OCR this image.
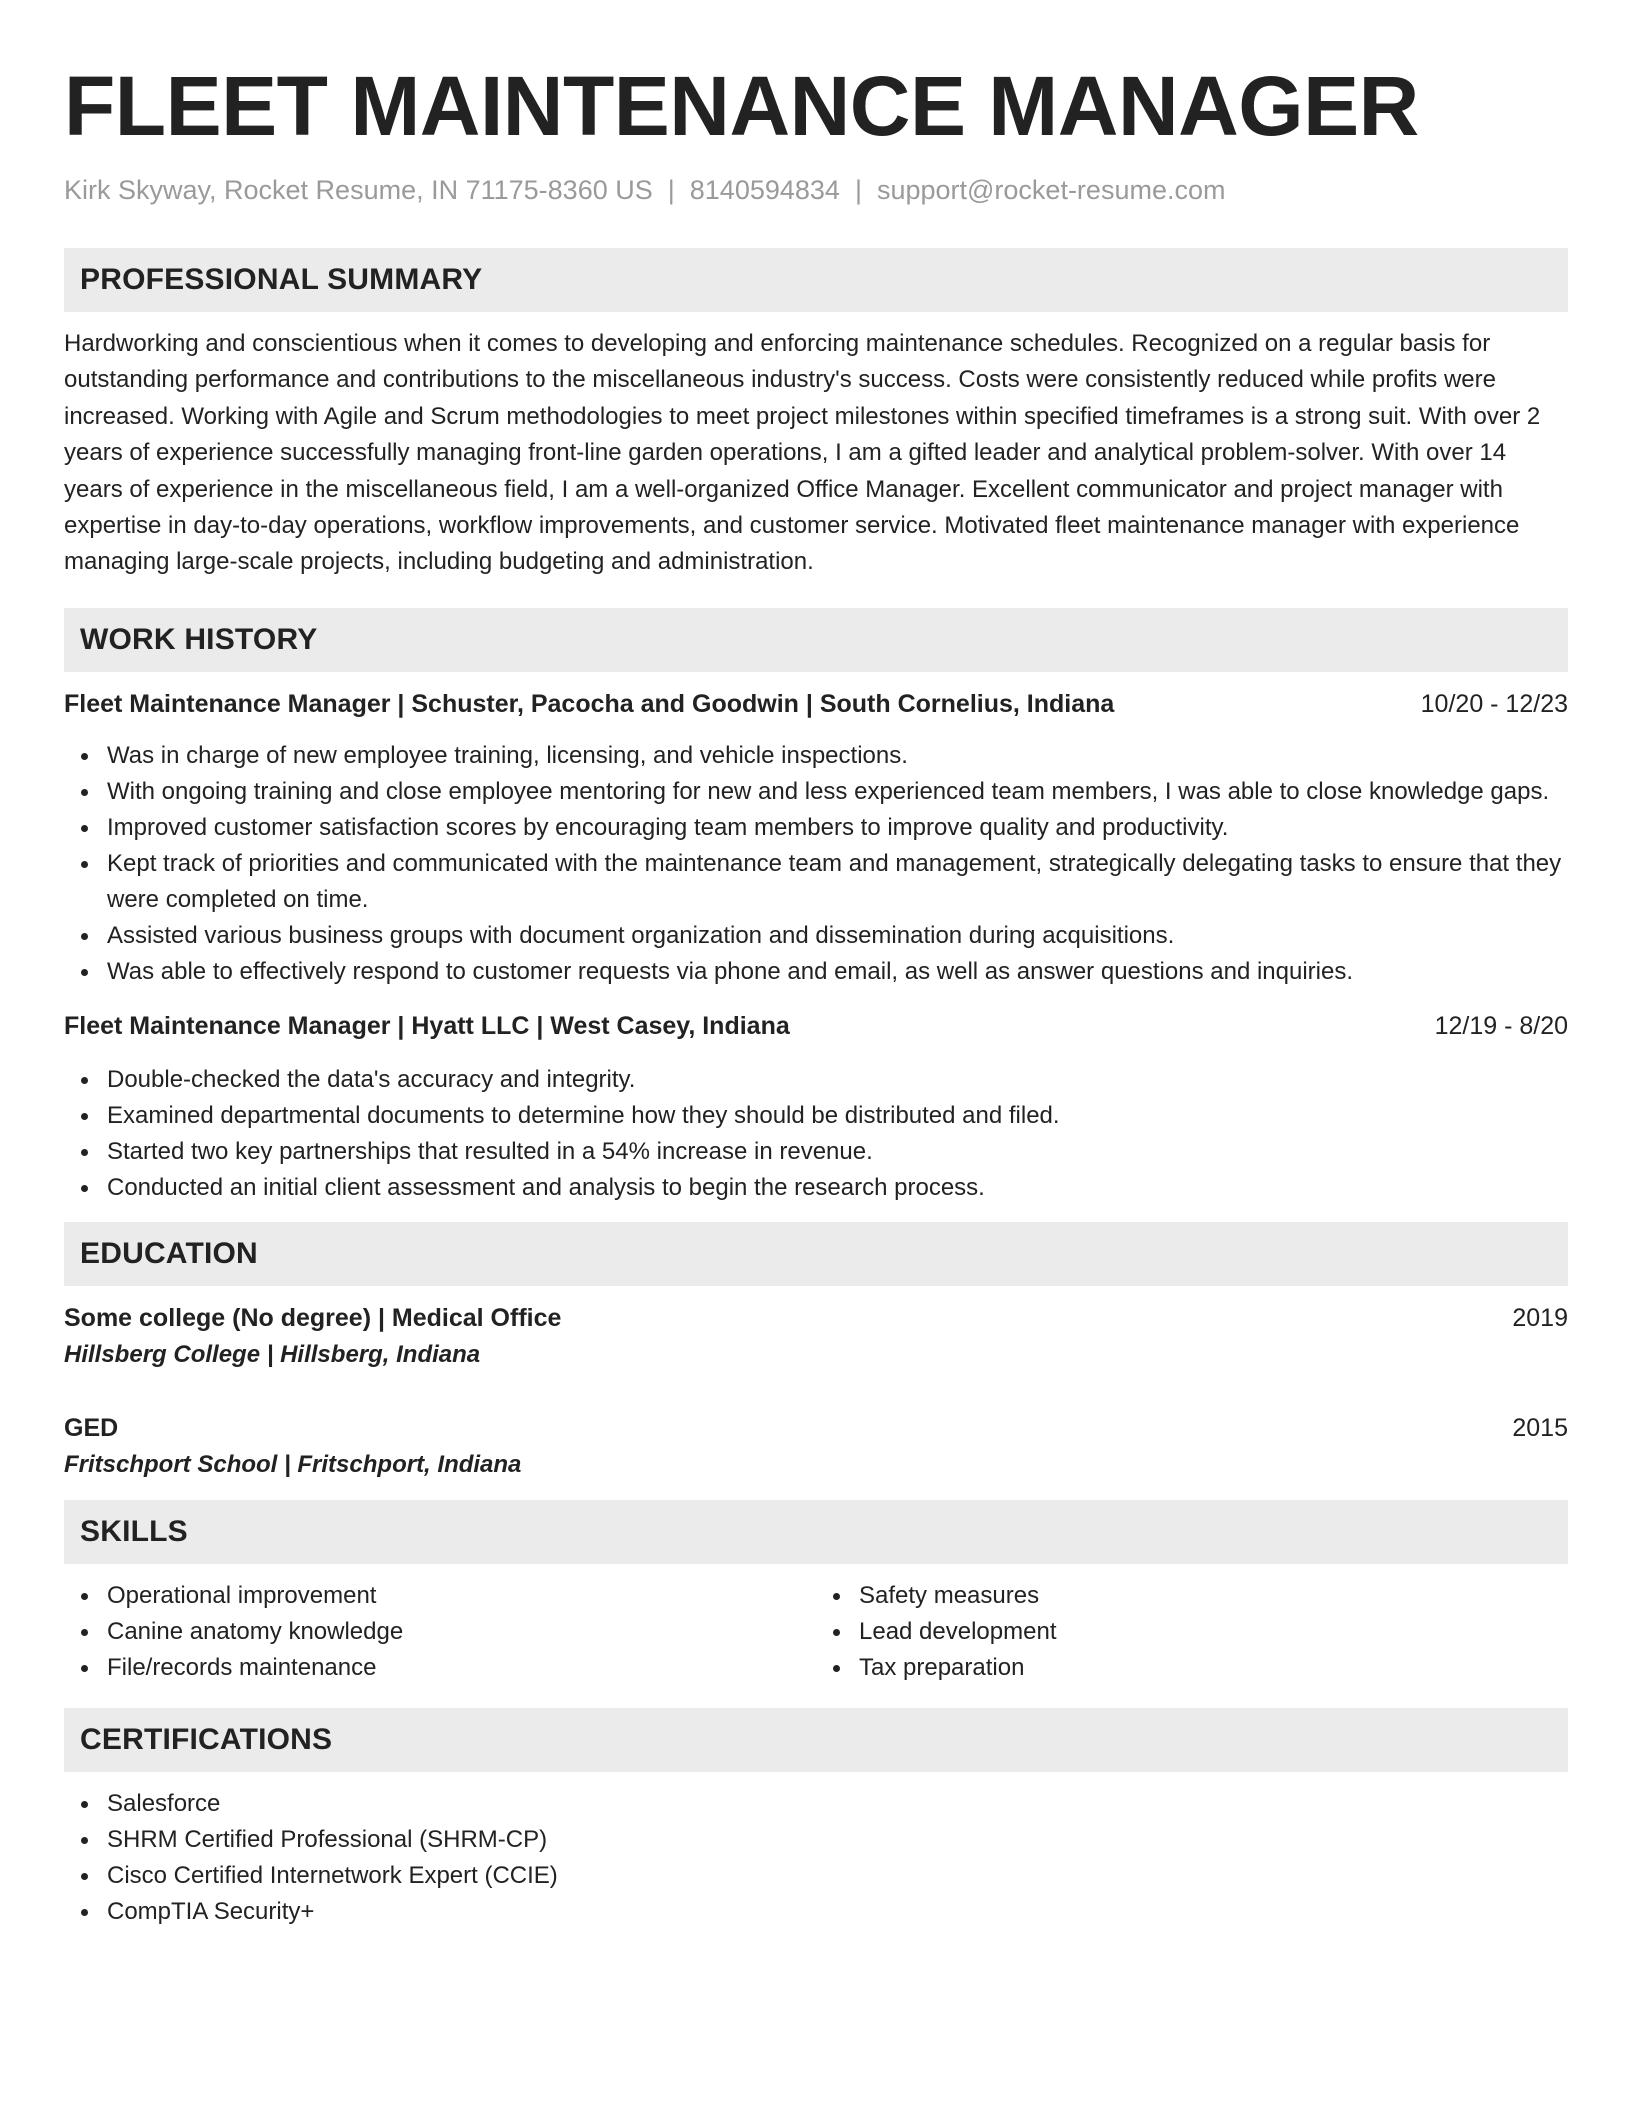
FLEET MAINTENANCE MANAGER
Kirk Skyway, Rocket Resume, IN 71175-8360 US | 8140594834 | support@rocket-resume.com
PROFESSIONAL SUMMARY

Hardworking and conscientious when it comes to developing and enforcing maintenance schedules. Recognized on a regular basis for outstanding performance and contributions to the miscellaneous industry's success. Costs were consistently reduced while profits were increased. Working with Agile and Scrum methodologies to meet project milestones within specified timeframes is a strong suit. With over 2 years of experience successfully managing front-line garden operations, I am a gifted leader and analytical problem-solver. With over 14 years of experience in the miscellaneous field, I am a well-organized Office Manager. Excellent communicator and project manager with expertise in day-to-day operations, workflow improvements, and customer service. Motivated fleet maintenance manager with experience managing large-scale projects, including budgeting and administration.

WORK HISTORY
Fleet Maintenance Manager | Schuster, Pacocha and Goodwin | South Cornelius, Indiana	10/20 - 12/23
Was in charge of new employee training, licensing, and vehicle inspections.
With ongoing training and close employee mentoring for new and less experienced team members, I was able to close knowledge gaps.
Improved customer satisfaction scores by encouraging team members to improve quality and productivity.
Kept track of priorities and communicated with the maintenance team and management, strategically delegating tasks to ensure that they were completed on time.
Assisted various business groups with document organization and dissemination during acquisitions.
Was able to effectively respond to customer requests via phone and email, as well as answer questions and inquiries.
Fleet Maintenance Manager | Hyatt LLC | West Casey, Indiana	12/19 - 8/20
Double-checked the data's accuracy and integrity.
Examined departmental documents to determine how they should be distributed and filed.
Started two key partnerships that resulted in a 54% increase in revenue.
Conducted an initial client assessment and analysis to begin the research process.
EDUCATION
Some college (No degree) | Medical Office	2019
Hillsberg College | Hillsberg, Indiana
GED	2015
Fritschport School | Fritschport, Indiana
SKILLS
Operational improvement
Canine anatomy knowledge
File/records maintenance
Safety measures
Lead development
Tax preparation
CERTIFICATIONS
Salesforce
SHRM Certified Professional (SHRM-CP)
Cisco Certified Internetwork Expert (CCIE)
CompTIA Security+
